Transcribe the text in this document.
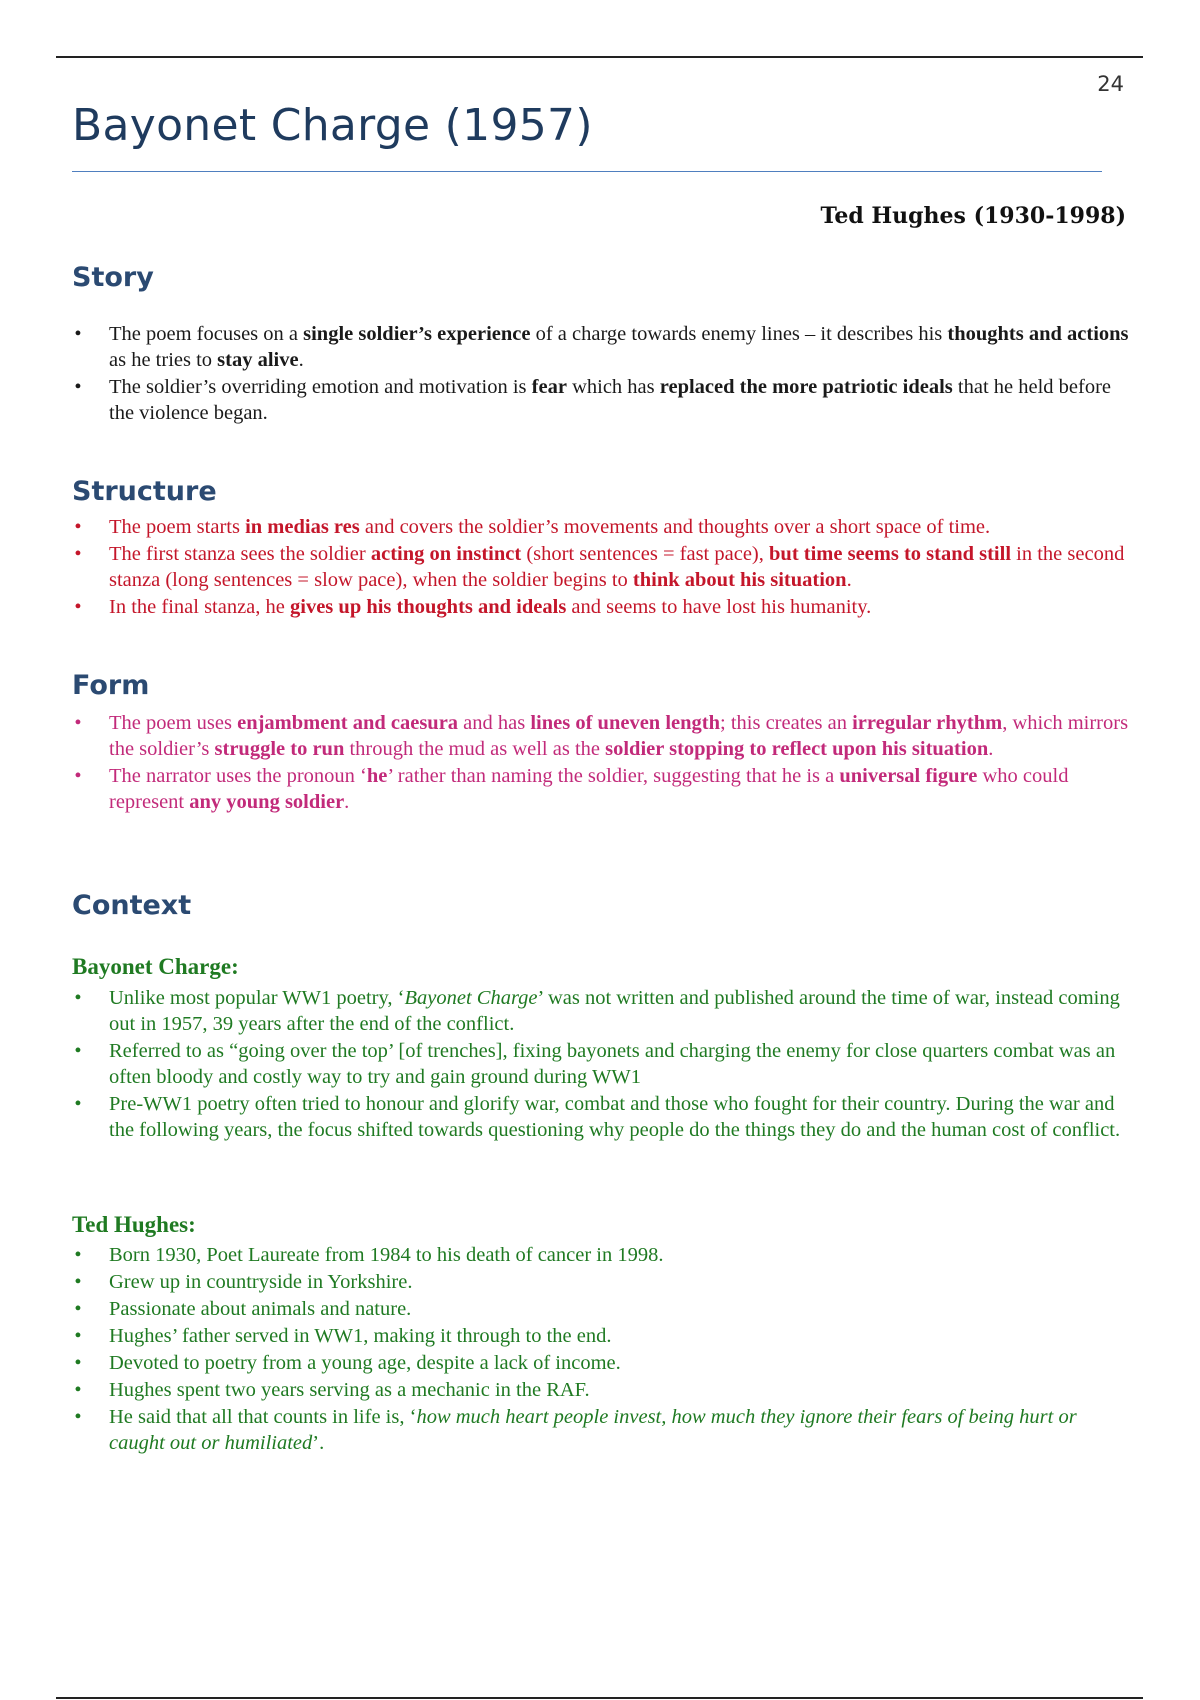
24
Bayonet Charge (1957)
Ted Hughes (1930-1998)
Story
• The poem focuses on a single soldier’s experience of a charge towards enemy lines – it describes his thoughts and actions as he tries to stay alive.
• The soldier’s overriding emotion and motivation is fear which has replaced the more patriotic ideals that he held before the violence began.
Structure
• The poem starts in medias res and covers the soldier’s movements and thoughts over a short space of time.
• The first stanza sees the soldier acting on instinct (short sentences = fast pace), but time seems to stand still in the second stanza (long sentences = slow pace), when the soldier begins to think about his situation.
• In the final stanza, he gives up his thoughts and ideals and seems to have lost his humanity.
Form
• The poem uses enjambment and caesura and has lines of uneven length; this creates an irregular rhythm, which mirrors the soldier’s struggle to run through the mud as well as the soldier stopping to reflect upon his situation.
• The narrator uses the pronoun ‘he’ rather than naming the soldier, suggesting that he is a universal figure who could represent any young soldier.
Context
Bayonet Charge:
• Unlike most popular WW1 poetry, ‘Bayonet Charge’ was not written and published around the time of war, instead coming out in 1957, 39 years after the end of the conflict.
• Referred to as “going over the top’ [of trenches], fixing bayonets and charging the enemy for close quarters combat was an often bloody and costly way to try and gain ground during WW1
• Pre-WW1 poetry often tried to honour and glorify war, combat and those who fought for their country. During the war and the following years, the focus shifted towards questioning why people do the things they do and the human cost of conflict.
Ted Hughes:
• Born 1930, Poet Laureate from 1984 to his death of cancer in 1998.
• Grew up in countryside in Yorkshire.
• Passionate about animals and nature.
• Hughes’ father served in WW1, making it through to the end.
• Devoted to poetry from a young age, despite a lack of income.
• Hughes spent two years serving as a mechanic in the RAF.
• He said that all that counts in life is, ‘how much heart people invest, how much they ignore their fears of being hurt or caught out or humiliated’.
